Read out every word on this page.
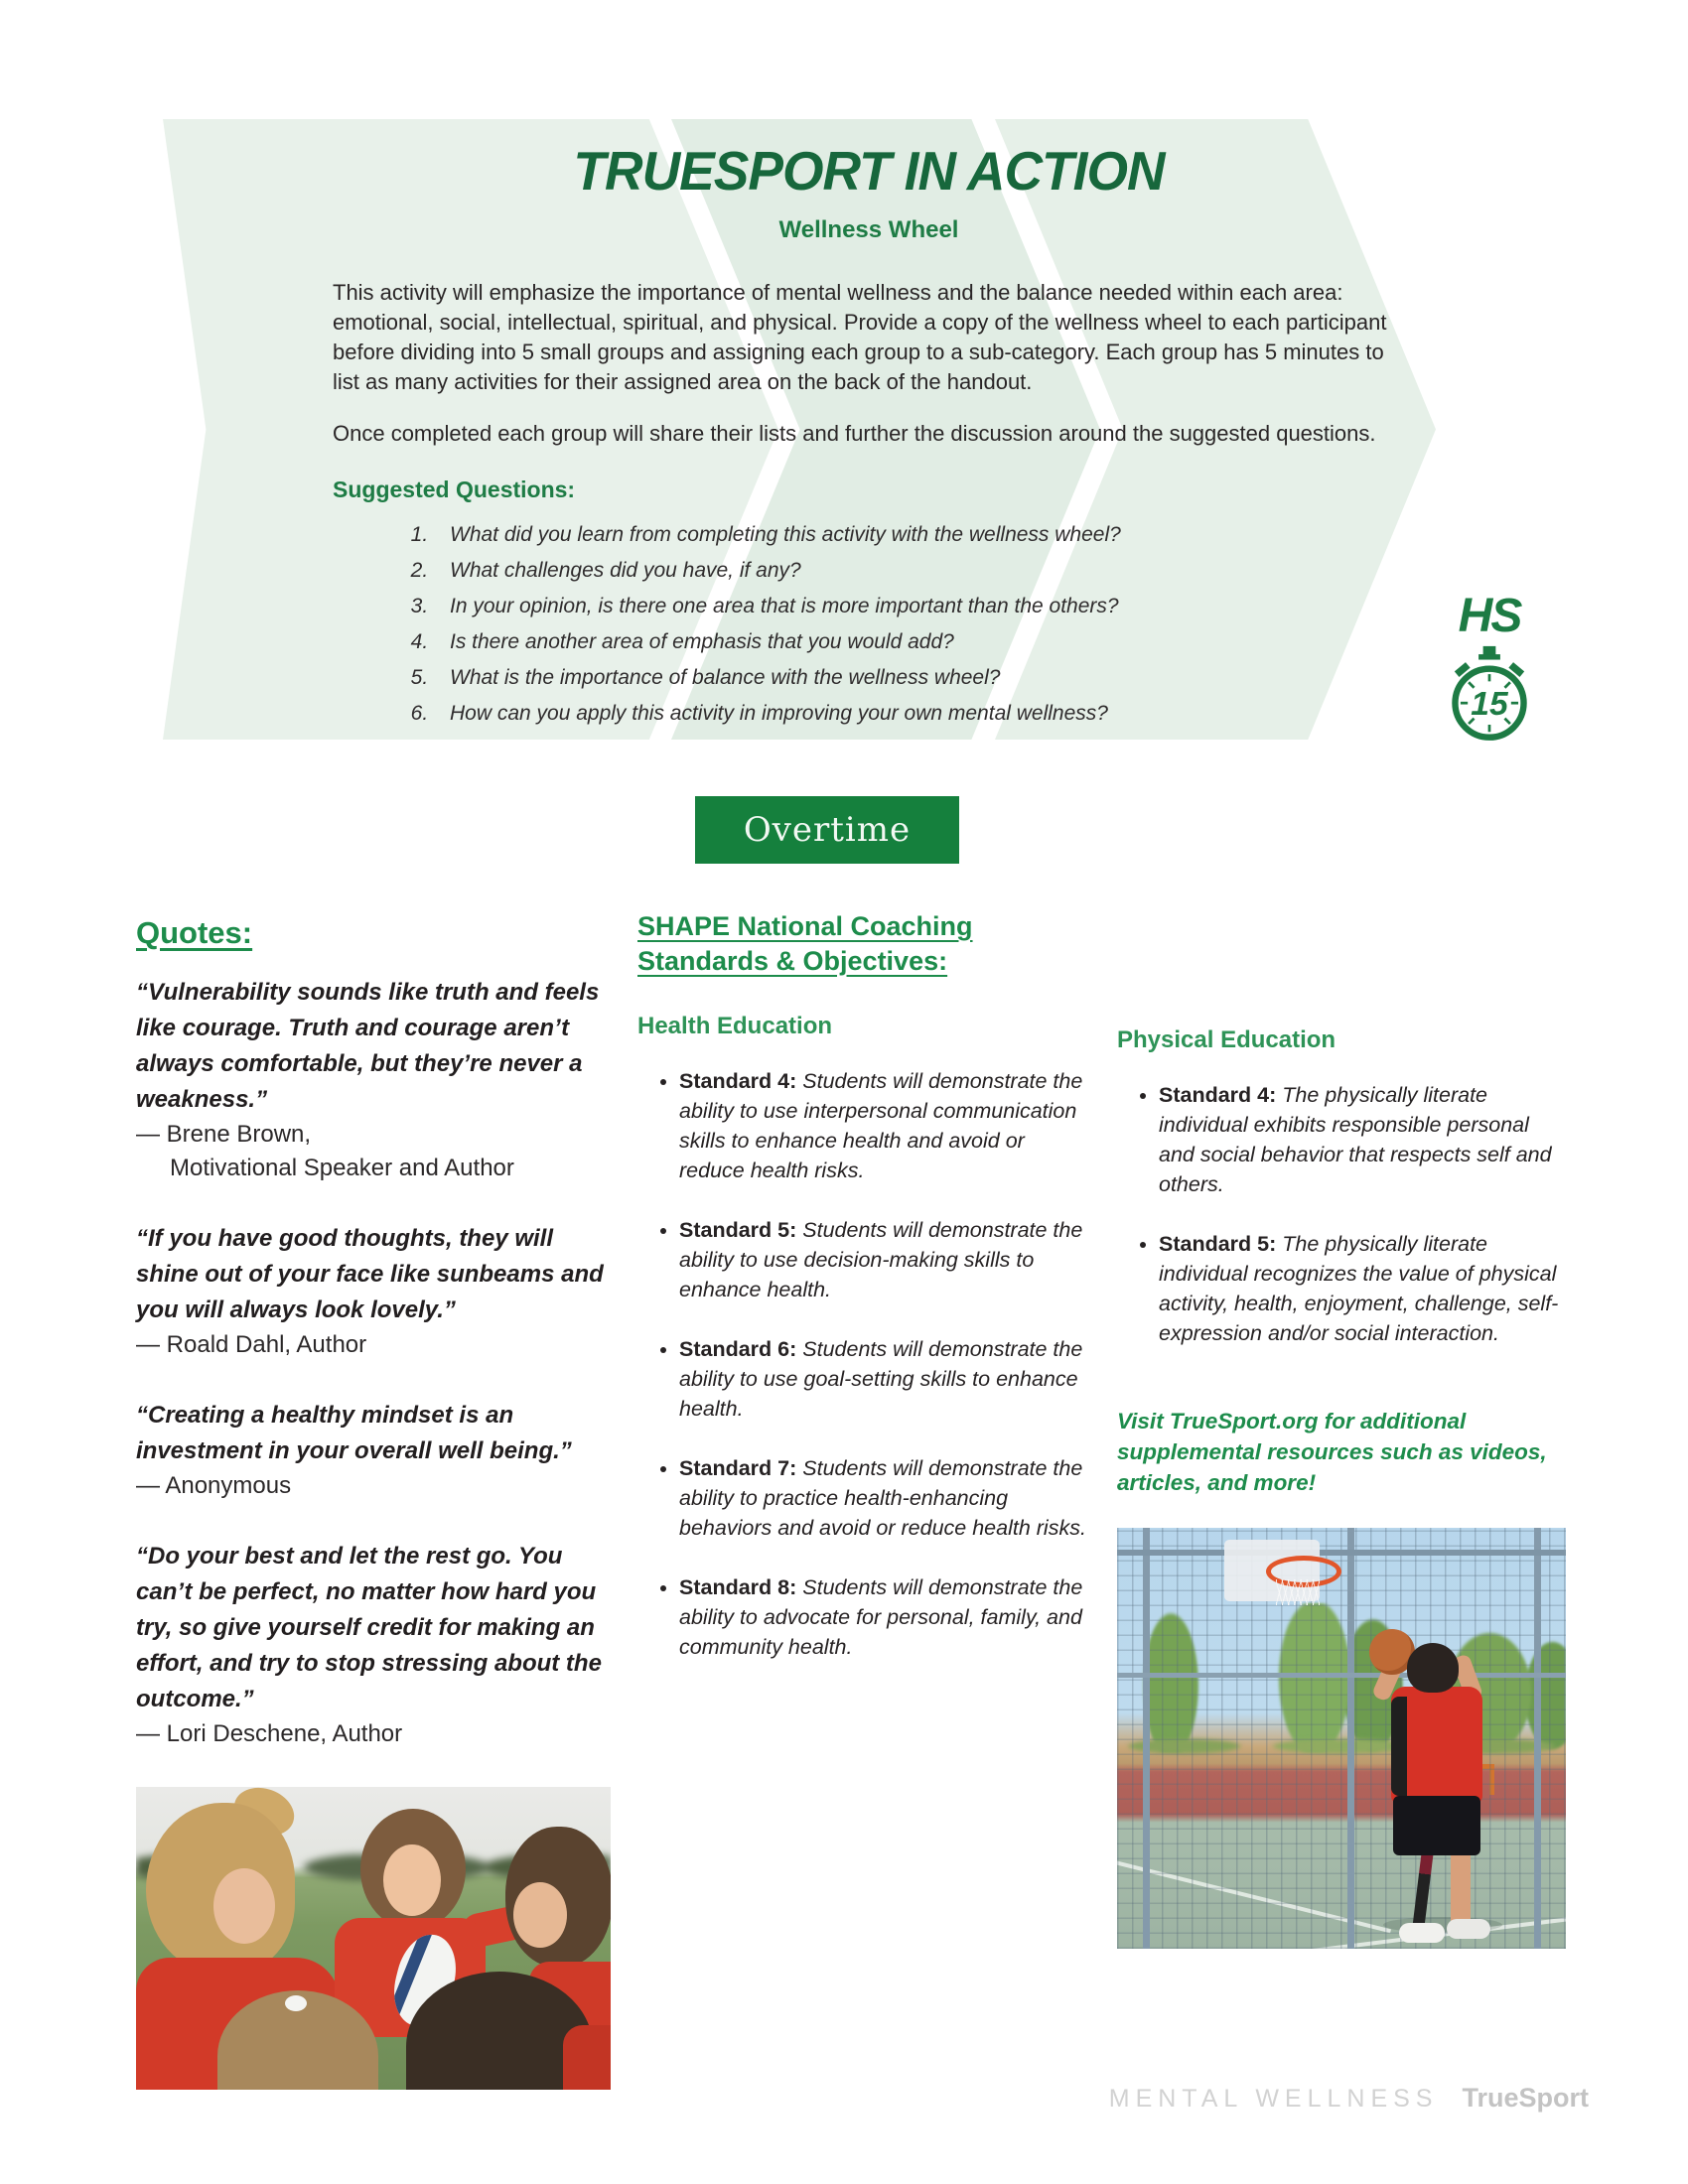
TRUESPORT IN ACTION
Wellness Wheel

This activity will emphasize the importance of mental wellness and the balance needed within each area: emotional, social, intellectual, spiritual, and physical. Provide a copy of the wellness wheel to each participant before dividing into 5 small groups and assigning each group to a sub-category. Each group has 5 minutes to list as many activities for their assigned area on the back of the handout.

Once completed each group will share their lists and further the discussion around the suggested questions.

Suggested Questions:
1. What did you learn from completing this activity with the wellness wheel?
2. What challenges did you have, if any?
3. In your opinion, is there one area that is more important than the others?
4. Is there another area of emphasis that you would add?
5. What is the importance of balance with the wellness wheel?
6. How can you apply this activity in improving your own mental wellness?
HS
15
Overtime
Quotes:
“Vulnerability sounds like truth and feels like courage. Truth and courage aren’t always comfortable, but they’re never a weakness.”
— Brene Brown,
Motivational Speaker and Author
“If you have good thoughts, they will shine out of your face like sunbeams and you will always look lovely.”
— Roald Dahl, Author
“Creating a healthy mindset is an investment in your overall well being.”
— Anonymous
“Do your best and let the rest go. You can’t be perfect, no matter how hard you try, so give yourself credit for making an effort, and try to stop stressing about the outcome.”
— Lori Deschene, Author
SHAPE National Coaching Standards & Objectives:
Health Education
• Standard 4: Students will demonstrate the ability to use interpersonal communication skills to enhance health and avoid or reduce health risks.
• Standard 5: Students will demonstrate the ability to use decision-making skills to enhance health.
• Standard 6: Students will demonstrate the ability to use goal-setting skills to enhance health.
• Standard 7: Students will demonstrate the ability to practice health-enhancing behaviors and avoid or reduce health risks.
• Standard 8: Students will demonstrate the ability to advocate for personal, family, and community health.
Physical Education
• Standard 4: The physically literate individual exhibits responsible personal and social behavior that respects self and others.
• Standard 5: The physically literate individual recognizes the value of physical activity, health, enjoyment, challenge, self-expression and/or social interaction.

Visit TrueSport.org for additional supplemental resources such as videos, articles, and more!

MENTAL WELLNESS TrueSport
